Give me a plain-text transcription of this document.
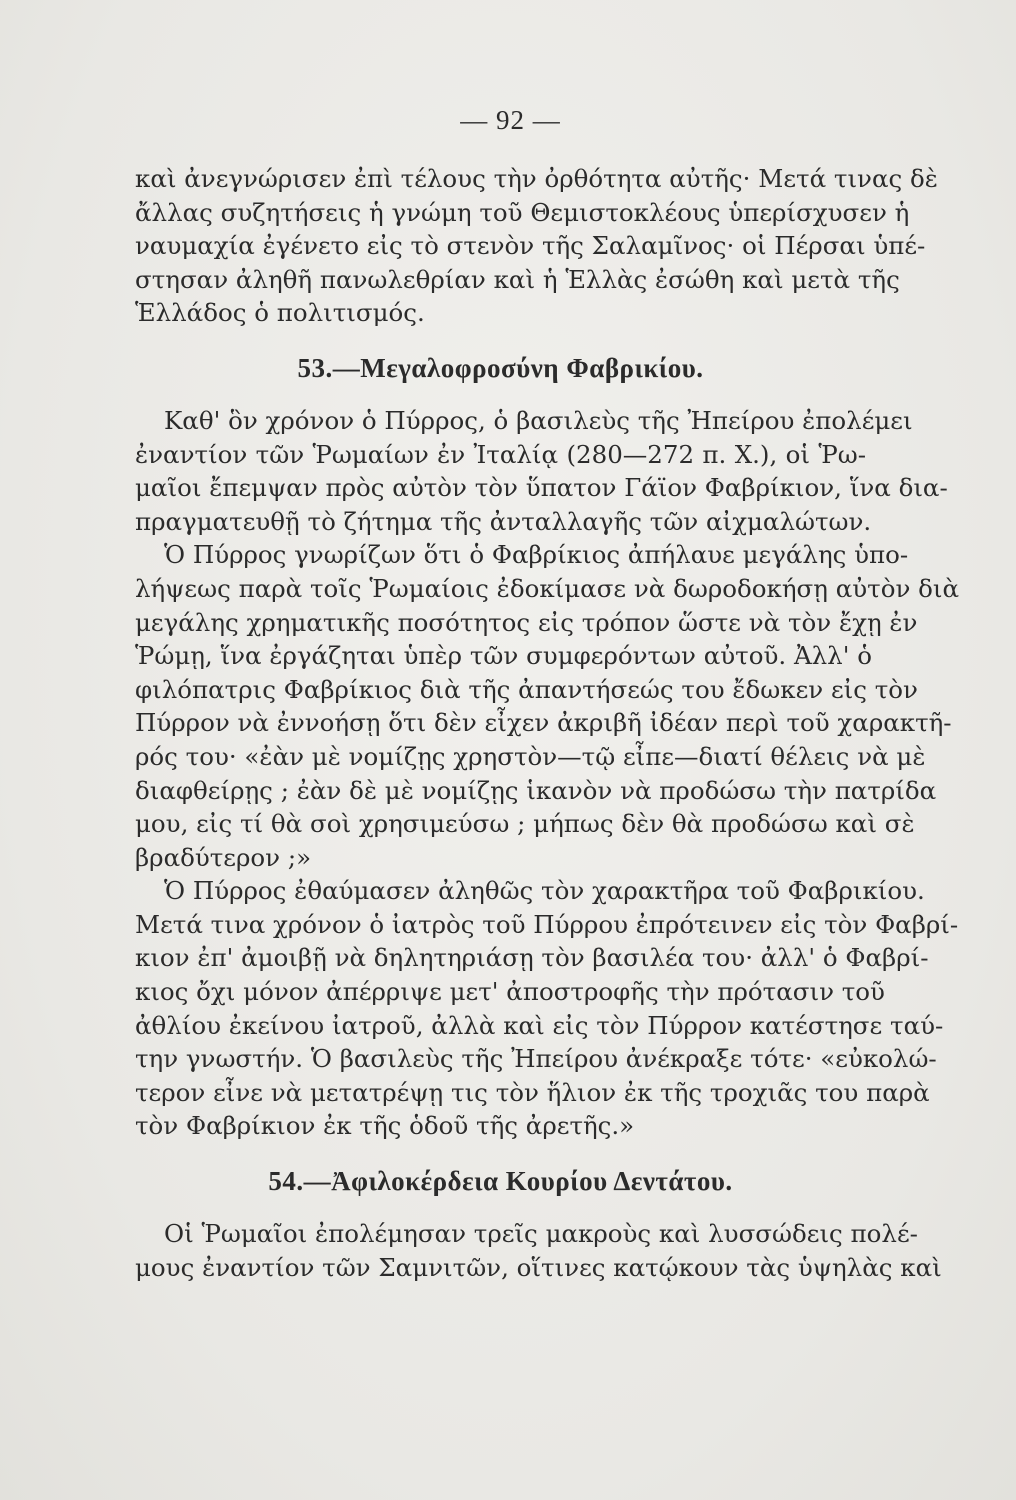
— 92 —
καὶ ἀνεγνώρισεν ἐπὶ τέλους τὴν ὀρθότητα αὐτῆς· Μετά τινας δὲ
ἄλλας συζητήσεις ἡ γνώμη τοῦ Θεμιστοκλέους ὑπερίσχυσεν ἡ
ναυμαχία ἐγένετο εἰς τὸ στενὸν τῆς Σαλαμῖνος· οἱ Πέρσαι ὑπέ-
στησαν ἀληθῆ πανωλεθρίαν καὶ ἡ Ἑλλὰς ἐσώθη καὶ μετὰ τῆς
Ἑλλάδος ὁ πολιτισμός.
53.—Μεγαλοφροσύνη Φαβρικίου.
Καθ' ὃν χρόνον ὁ Πύρρος, ὁ βασιλεὺς τῆς Ἠπείρου ἐπολέμει
ἐναντίον τῶν Ῥωμαίων ἐν Ἰταλίᾳ (280—272 π. Χ.), οἱ Ῥω-
μαῖοι ἔπεμψαν πρὸς αὐτὸν τὸν ὕπατον Γάϊον Φαβρίκιον, ἵνα δια-
πραγματευθῇ τὸ ζήτημα τῆς ἀνταλλαγῆς τῶν αἰχμαλώτων.
Ὁ Πύρρος γνωρίζων ὅτι ὁ Φαβρίκιος ἀπήλαυε μεγάλης ὑπο-
λήψεως παρὰ τοῖς Ῥωμαίοις ἐδοκίμασε νὰ δωροδοκήσῃ αὐτὸν διὰ
μεγάλης χρηματικῆς ποσότητος εἰς τρόπον ὥστε νὰ τὸν ἔχῃ ἐν
Ῥώμῃ, ἵνα ἐργάζηται ὑπὲρ τῶν συμφερόντων αὐτοῦ. Ἀλλ' ὁ
φιλόπατρις Φαβρίκιος διὰ τῆς ἀπαντήσεώς του ἔδωκεν εἰς τὸν
Πύρρον νὰ ἐννοήσῃ ὅτι δὲν εἶχεν ἀκριβῆ ἰδέαν περὶ τοῦ χαρακτῆ-
ρός του· «ἐὰν μὲ νομίζῃς χρηστὸν—τῷ εἶπε—διατί θέλεις νὰ μὲ
διαφθείρῃς ; ἐὰν δὲ μὲ νομίζῃς ἱκανὸν νὰ προδώσω τὴν πατρίδα
μου, εἰς τί θὰ σοὶ χρησιμεύσω ; μήπως δὲν θὰ προδώσω καὶ σὲ
βραδύτερον ;»
Ὁ Πύρρος ἐθαύμασεν ἀληθῶς τὸν χαρακτῆρα τοῦ Φαβρικίου.
Μετά τινα χρόνον ὁ ἰατρὸς τοῦ Πύρρου ἐπρότεινεν εἰς τὸν Φαβρί-
κιον ἐπ' ἀμοιβῇ νὰ δηλητηριάσῃ τὸν βασιλέα του· ἀλλ' ὁ Φαβρί-
κιος ὄχι μόνον ἀπέρριψε μετ' ἀποστροφῆς τὴν πρότασιν τοῦ
ἀθλίου ἐκείνου ἰατροῦ, ἀλλὰ καὶ εἰς τὸν Πύρρον κατέστησε ταύ-
την γνωστήν. Ὁ βασιλεὺς τῆς Ἠπείρου ἀνέκραξε τότε· «εὐκολώ-
τερον εἶνε νὰ μετατρέψῃ τις τὸν ἥλιον ἐκ τῆς τροχιᾶς του παρὰ
τὸν Φαβρίκιον ἐκ τῆς ὁδοῦ τῆς ἀρετῆς.»
54.—Ἀφιλοκέρδεια Κουρίου Δεντάτου.
Οἱ Ῥωμαῖοι ἐπολέμησαν τρεῖς μακροὺς καὶ λυσσώδεις πολέ-
μους ἐναντίον τῶν Σαμνιτῶν, οἵτινες κατῴκουν τὰς ὑψηλὰς καὶ
